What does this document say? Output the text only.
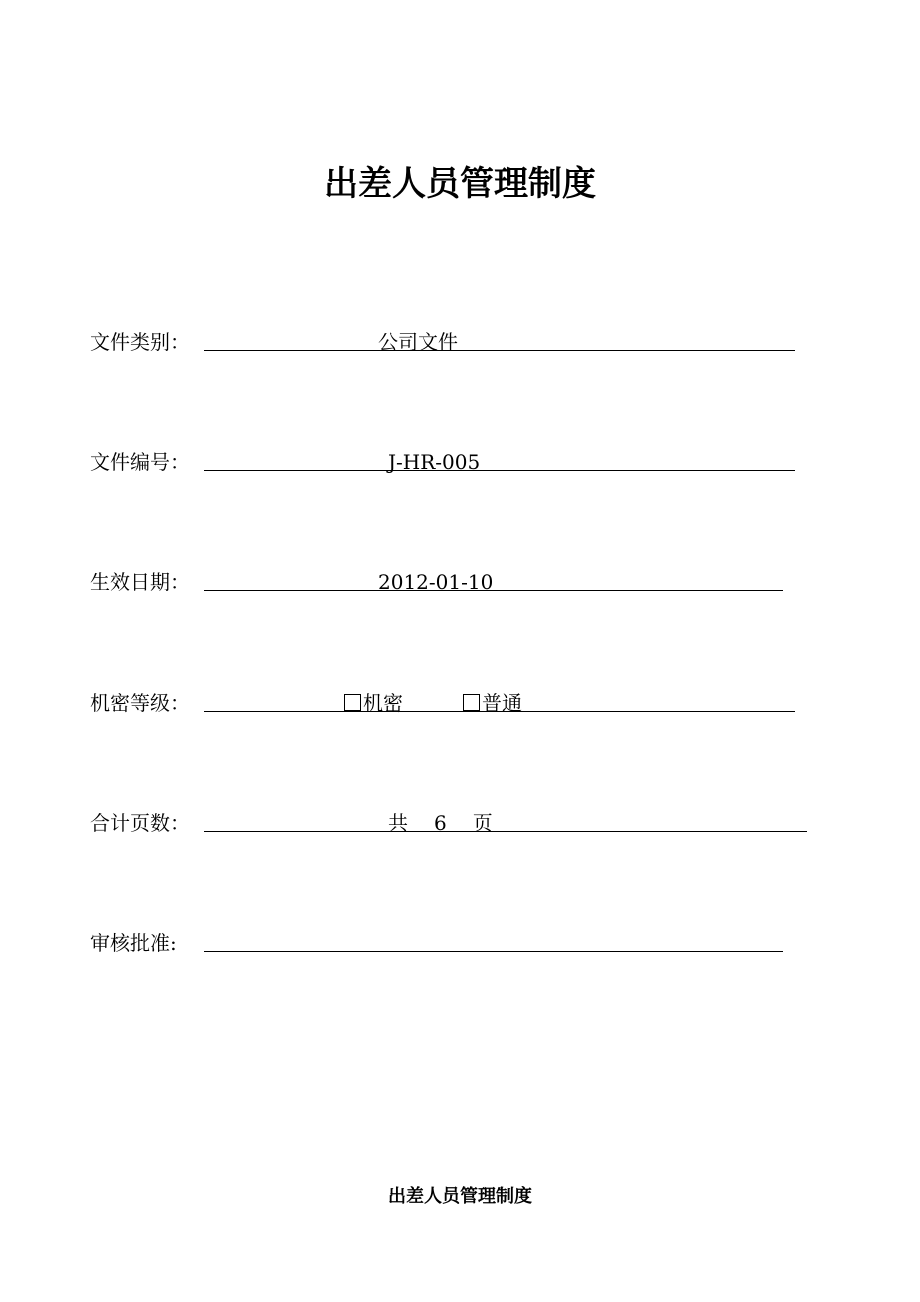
出差人员管理制度
文件类别：	公司文件
文件编号：	J-HR-005
生效日期：	2012-01-10
机密等级：	机密	普通
合计页数：	共 6 页
审核批准:
出差人员管理制度
